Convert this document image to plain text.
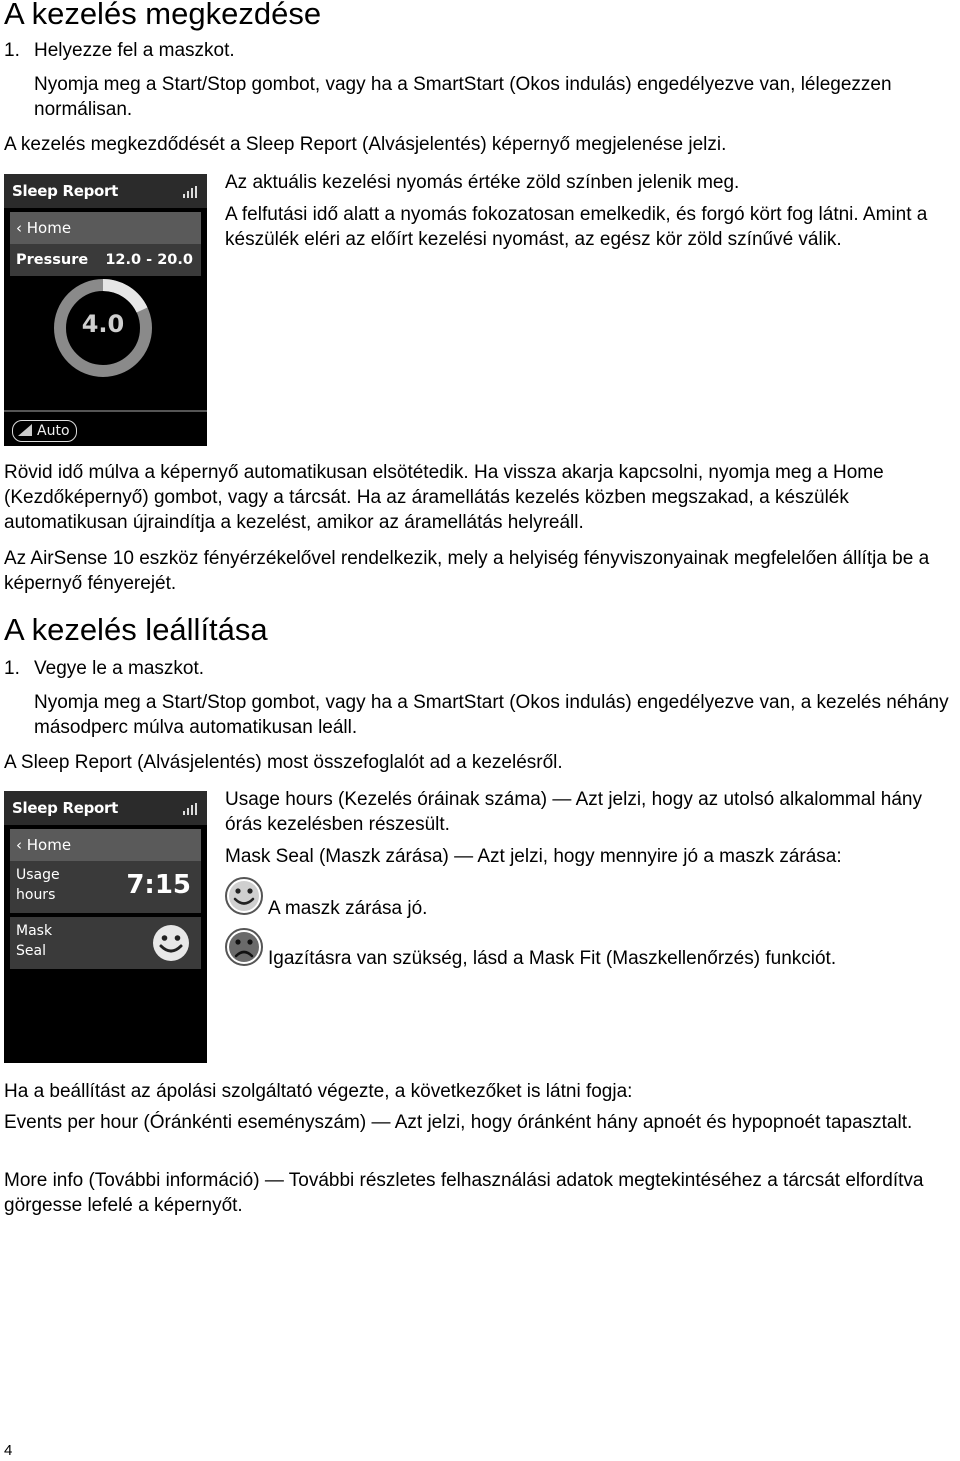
A kezelés megkezdése
1. Helyezze fel a maszkot.
Nyomja meg a Start/Stop gombot, vagy ha a SmartStart (Okos indulás) engedélyezve van, lélegezzen normálisan.
A kezelés megkezdődését a Sleep Report (Alvásjelentés) képernyő megjelenése jelzi.
Sleep Report
‹ Home
Pressure 12.0 - 20.0
4.0
Auto
Az aktuális kezelési nyomás értéke zöld színben jelenik meg.
A felfutási idő alatt a nyomás fokozatosan emelkedik, és forgó kört fog látni. Amint a készülék eléri az előírt kezelési nyomást, az egész kör zöld színűvé válik.
Rövid idő múlva a képernyő automatikusan elsötétedik. Ha vissza akarja kapcsolni, nyomja meg a Home (Kezdőképernyő) gombot, vagy a tárcsát. Ha az áramellátás kezelés közben megszakad, a készülék automatikusan újraindítja a kezelést, amikor az áramellátás helyreáll.
Az AirSense 10 eszköz fényérzékelővel rendelkezik, mely a helyiség fényviszonyainak megfelelően állítja be a képernyő fényerejét.
A kezelés leállítása
1. Vegye le a maszkot.
Nyomja meg a Start/Stop gombot, vagy ha a SmartStart (Okos indulás) engedélyezve van, a kezelés néhány másodperc múlva automatikusan leáll.
A Sleep Report (Alvásjelentés) most összefoglalót ad a kezelésről.
Sleep Report
‹ Home
Usage
hours	7:15
Mask
Seal
Usage hours (Kezelés óráinak száma) — Azt jelzi, hogy az utolsó alkalommal hány órás kezelésben részesült.
Mask Seal (Maszk zárása) — Azt jelzi, hogy mennyire jó a maszk zárása:
A maszk zárása jó.
Igazításra van szükség, lásd a Mask Fit (Maszkellenőrzés) funkciót.
Ha a beállítást az ápolási szolgáltató végezte, a következőket is látni fogja:
Events per hour (Óránkénti eseményszám) — Azt jelzi, hogy óránként hány apnoét és hypopnoét tapasztalt.
More info (További információ) — További részletes felhasználási adatok megtekintéséhez a tárcsát elfordítva görgesse lefelé a képernyőt.
4
